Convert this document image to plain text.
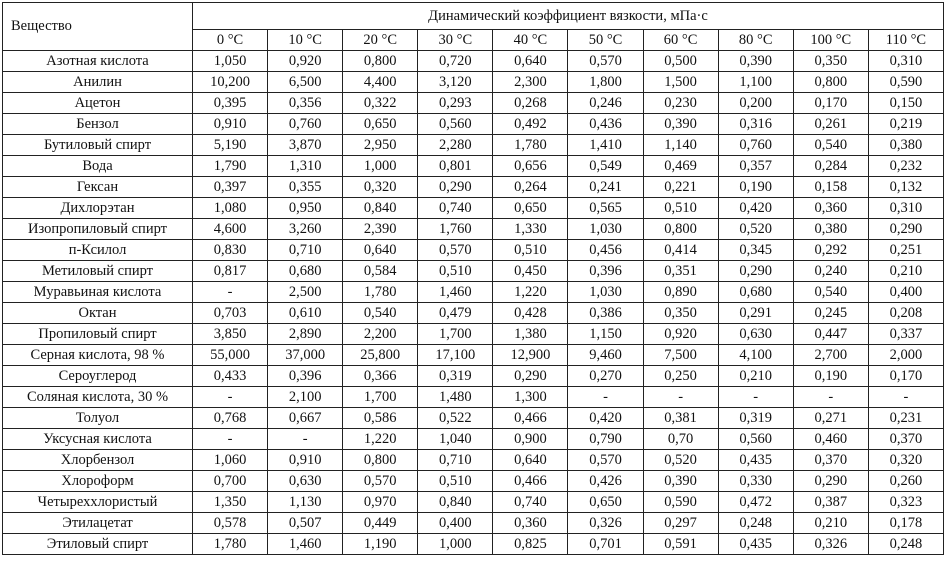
Вещество	Динамический коэффициент вязкости, мПа·с									
	0 °C	10 °C	20 °C	30 °C	40 °C	50 °C	60 °C	80 °C	100 °C	110 °C
Азотная кислота	1,050	0,920	0,800	0,720	0,640	0,570	0,500	0,390	0,350	0,310
Анилин	10,200	6,500	4,400	3,120	2,300	1,800	1,500	1,100	0,800	0,590
Ацетон	0,395	0,356	0,322	0,293	0,268	0,246	0,230	0,200	0,170	0,150
Бензол	0,910	0,760	0,650	0,560	0,492	0,436	0,390	0,316	0,261	0,219
Бутиловый спирт	5,190	3,870	2,950	2,280	1,780	1,410	1,140	0,760	0,540	0,380
Вода	1,790	1,310	1,000	0,801	0,656	0,549	0,469	0,357	0,284	0,232
Гексан	0,397	0,355	0,320	0,290	0,264	0,241	0,221	0,190	0,158	0,132
Дихлорэтан	1,080	0,950	0,840	0,740	0,650	0,565	0,510	0,420	0,360	0,310
Изопропиловый спирт	4,600	3,260	2,390	1,760	1,330	1,030	0,800	0,520	0,380	0,290
п-Ксилол	0,830	0,710	0,640	0,570	0,510	0,456	0,414	0,345	0,292	0,251
Метиловый спирт	0,817	0,680	0,584	0,510	0,450	0,396	0,351	0,290	0,240	0,210
Муравьиная кислота	-	2,500	1,780	1,460	1,220	1,030	0,890	0,680	0,540	0,400
Октан	0,703	0,610	0,540	0,479	0,428	0,386	0,350	0,291	0,245	0,208
Пропиловый спирт	3,850	2,890	2,200	1,700	1,380	1,150	0,920	0,630	0,447	0,337
Серная кислота, 98 %	55,000	37,000	25,800	17,100	12,900	9,460	7,500	4,100	2,700	2,000
Сероуглерод	0,433	0,396	0,366	0,319	0,290	0,270	0,250	0,210	0,190	0,170
Соляная кислота, 30 %	-	2,100	1,700	1,480	1,300	-	-	-	-	-
Толуол	0,768	0,667	0,586	0,522	0,466	0,420	0,381	0,319	0,271	0,231
Уксусная кислота	-	-	1,220	1,040	0,900	0,790	0,70	0,560	0,460	0,370
Хлорбензол	1,060	0,910	0,800	0,710	0,640	0,570	0,520	0,435	0,370	0,320
Хлороформ	0,700	0,630	0,570	0,510	0,466	0,426	0,390	0,330	0,290	0,260
Четыреххлористый	1,350	1,130	0,970	0,840	0,740	0,650	0,590	0,472	0,387	0,323
Этилацетат	0,578	0,507	0,449	0,400	0,360	0,326	0,297	0,248	0,210	0,178
Этиловый спирт	1,780	1,460	1,190	1,000	0,825	0,701	0,591	0,435	0,326	0,248
